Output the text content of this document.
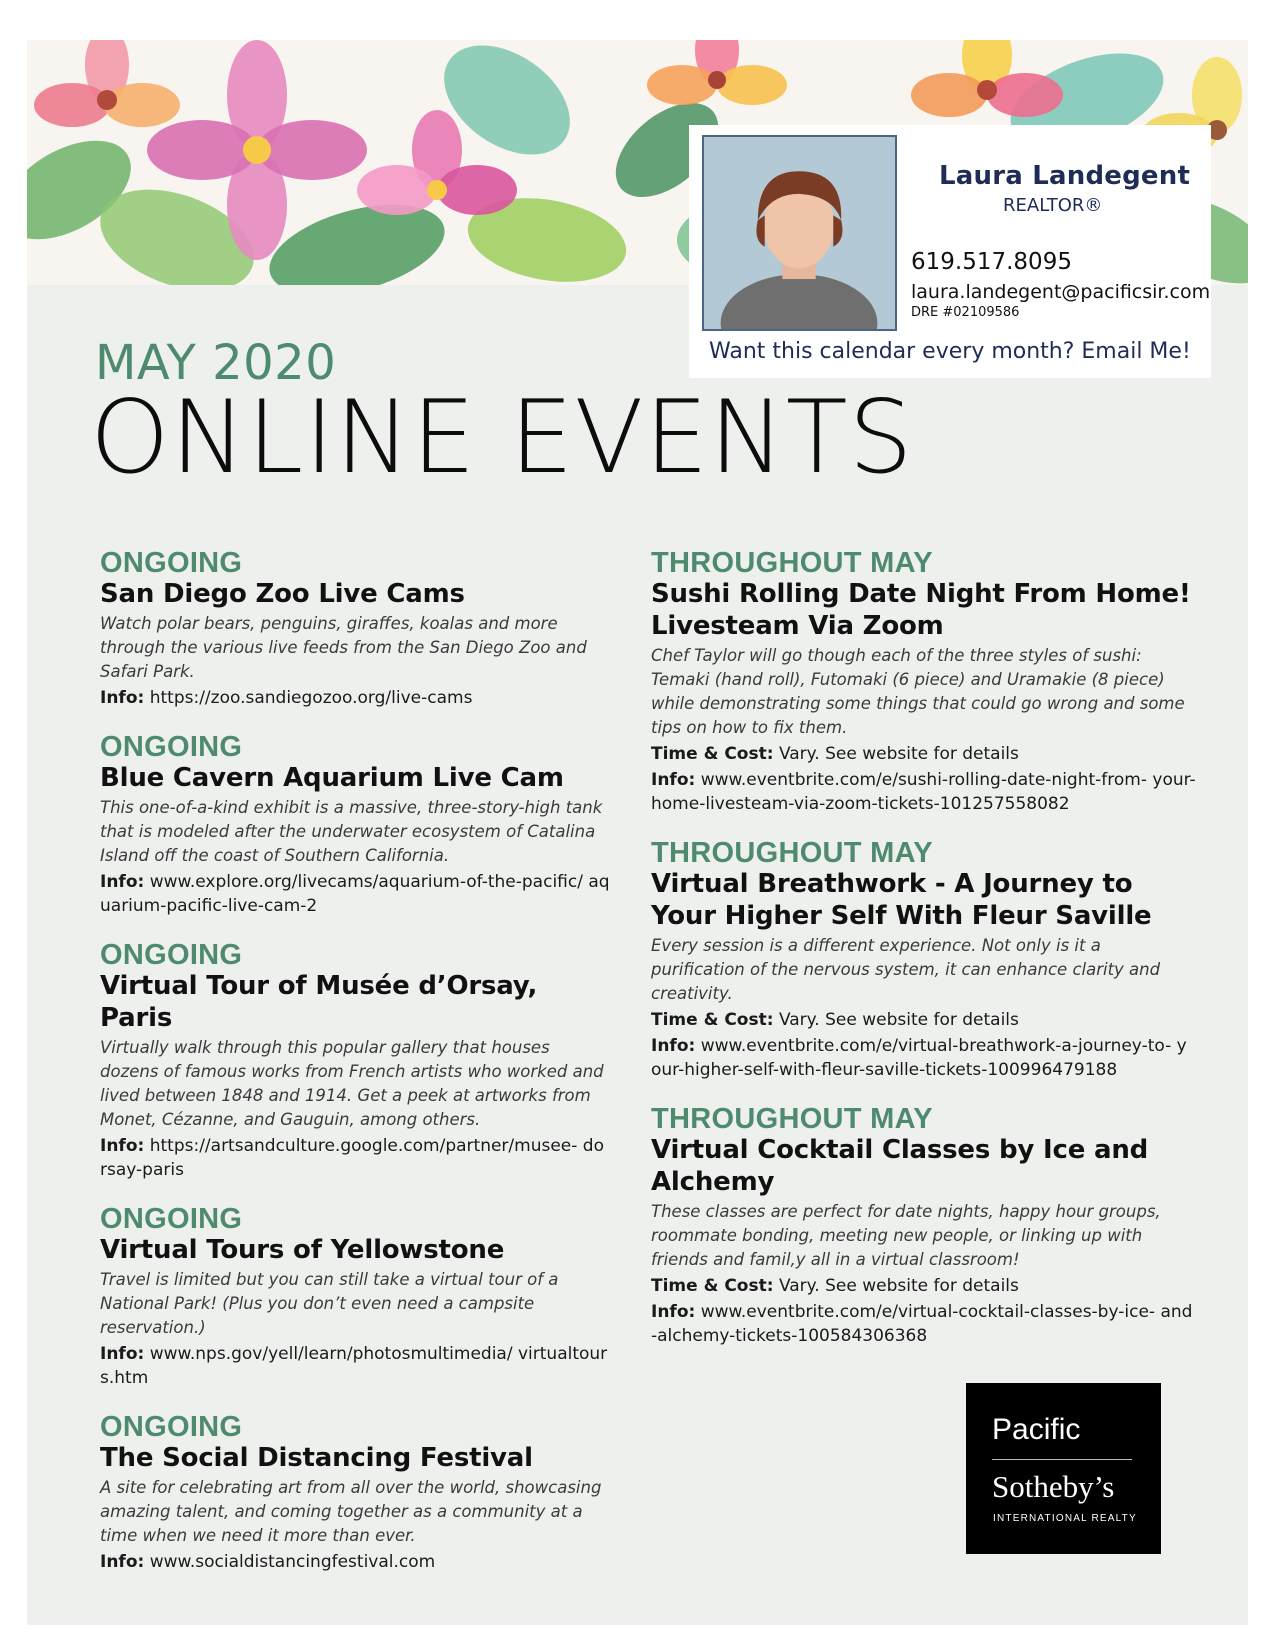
Laura Landegent
REALTOR®
619.517.8095
laura.landegent@pacificsir.com
DRE #02109586
Want this calendar every month? Email Me!
MAY 2020
ONLINE EVENTS
ONGOING
San Diego Zoo Live Cams
Watch polar bears, penguins, giraffes, koalas and more through the various live feeds from the San Diego Zoo and Safari Park.
Info: https://zoo.sandiegozoo.org/live-cams
ONGOING
Blue Cavern Aquarium Live Cam
This one-of-a-kind exhibit is a massive, three-story-high tank that is modeled after the underwater ecosystem of Catalina Island off the coast of Southern California.
Info: www.explore.org/livecams/aquarium-of-the-pacific/ aquarium-pacific-live-cam-2
ONGOING
Virtual Tour of Musée d’Orsay, Paris
Virtually walk through this popular gallery that houses dozens of famous works from French artists who worked and lived between 1848 and 1914. Get a peek at artworks from Monet, Cézanne, and Gauguin, among others.
Info: https://artsandculture.google.com/partner/musee- dorsay-paris
ONGOING
Virtual Tours of Yellowstone
Travel is limited but you can still take a virtual tour of a National Park! (Plus you don’t even need a campsite reservation.)
Info: www.nps.gov/yell/learn/photosmultimedia/ virtualtours.htm
ONGOING
The Social Distancing Festival
A site for celebrating art from all over the world, showcasing amazing talent, and coming together as a community at a time when we need it more than ever.
Info: www.socialdistancingfestival.com
THROUGHOUT MAY
Sushi Rolling Date Night From Home! Livesteam Via Zoom
Chef Taylor will go though each of the three styles of sushi: Temaki (hand roll), Futomaki (6 piece) and Uramakie (8 piece) while demonstrating some things that could go wrong and some tips on how to fix them.
Time & Cost: Vary. See website for details
Info: www.eventbrite.com/e/sushi-rolling-date-night-from- your-home-livesteam-via-zoom-tickets-101257558082
THROUGHOUT MAY
Virtual Breathwork - A Journey to Your Higher Self With Fleur Saville
Every session is a different experience. Not only is it a purification of the nervous system, it can enhance clarity and creativity.
Time & Cost: Vary. See website for details
Info: www.eventbrite.com/e/virtual-breathwork-a-journey-to- your-higher-self-with-fleur-saville-tickets-100996479188
THROUGHOUT MAY
Virtual Cocktail Classes by Ice and Alchemy
These classes are perfect for date nights, happy hour groups, roommate bonding, meeting new people, or linking up with friends and famil,y all in a virtual classroom!
Time & Cost: Vary. See website for details
Info: www.eventbrite.com/e/virtual-cocktail-classes-by-ice- and-alchemy-tickets-100584306368
Pacific
Sotheby’s
INTERNATIONAL REALTY
